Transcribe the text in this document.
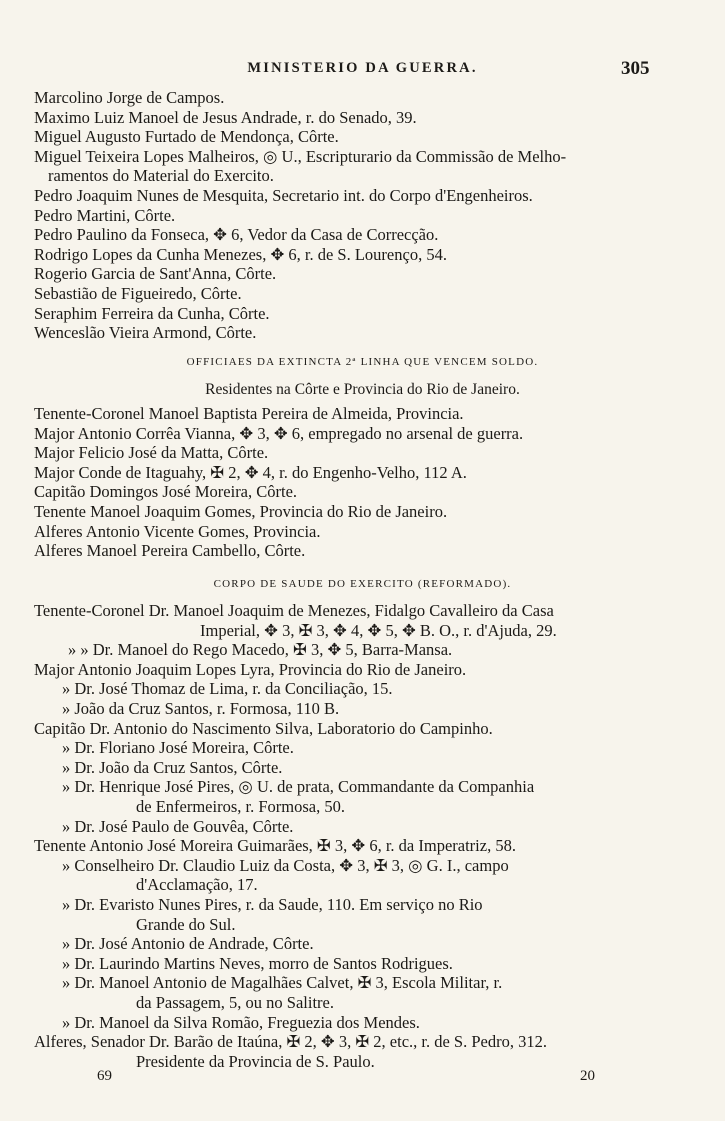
MINISTERIO DA GUERRA.	305
Marcolino Jorge de Campos.
Maximo Luiz Manoel de Jesus Andrade, r. do Senado, 39.
Miguel Augusto Furtado de Mendonça, Côrte.
Miguel Teixeira Lopes Malheiros, ◎ U., Escripturario da Commissão de Melho-
ramentos do Material do Exercito.
Pedro Joaquim Nunes de Mesquita, Secretario int. do Corpo d'Engenheiros.
Pedro Martini, Côrte.
Pedro Paulino da Fonseca, ✥ 6, Vedor da Casa de Correcção.
Rodrigo Lopes da Cunha Menezes, ✥ 6, r. de S. Lourenço, 54.
Rogerio Garcia de Sant'Anna, Côrte.
Sebastião de Figueiredo, Côrte.
Seraphim Ferreira da Cunha, Côrte.
Wenceslão Vieira Armond, Côrte.
OFFICIAES DA EXTINCTA 2ª LINHA QUE VENCEM SOLDO.
Residentes na Côrte e Provincia do Rio de Janeiro.
Tenente-Coronel Manoel Baptista Pereira de Almeida, Provincia.
Major Antonio Corrêa Vianna, ✥ 3, ✥ 6, empregado no arsenal de guerra.
Major Felicio José da Matta, Côrte.
Major Conde de Itaguahy, ✠ 2, ✥ 4, r. do Engenho-Velho, 112 A.
Capitão Domingos José Moreira, Côrte.
Tenente Manoel Joaquim Gomes, Provincia do Rio de Janeiro.
Alferes Antonio Vicente Gomes, Provincia.
Alferes Manoel Pereira Cambello, Côrte.
CORPO DE SAUDE DO EXERCITO (REFORMADO).
Tenente-Coronel Dr. Manoel Joaquim de Menezes, Fidalgo Cavalleiro da Casa
Imperial, ✥ 3, ✠ 3, ✥ 4, ✥ 5, ✥ B. O., r. d'Ajuda, 29.
» » Dr. Manoel do Rego Macedo, ✠ 3, ✥ 5, Barra-Mansa.
Major Antonio Joaquim Lopes Lyra, Provincia do Rio de Janeiro.
» Dr. José Thomaz de Lima, r. da Conciliação, 15.
» João da Cruz Santos, r. Formosa, 110 B.
Capitão Dr. Antonio do Nascimento Silva, Laboratorio do Campinho.
» Dr. Floriano José Moreira, Côrte.
» Dr. João da Cruz Santos, Côrte.
» Dr. Henrique José Pires, ◎ U. de prata, Commandante da Companhia
de Enfermeiros, r. Formosa, 50.
» Dr. José Paulo de Gouvêa, Côrte.
Tenente Antonio José Moreira Guimarães, ✠ 3, ✥ 6, r. da Imperatriz, 58.
» Conselheiro Dr. Claudio Luiz da Costa, ✥ 3, ✠ 3, ◎ G. I., campo
d'Acclamação, 17.
» Dr. Evaristo Nunes Pires, r. da Saude, 110. Em serviço no Rio
Grande do Sul.
» Dr. José Antonio de Andrade, Côrte.
» Dr. Laurindo Martins Neves, morro de Santos Rodrigues.
» Dr. Manoel Antonio de Magalhães Calvet, ✠ 3, Escola Militar, r.
da Passagem, 5, ou no Salitre.
» Dr. Manoel da Silva Romão, Freguezia dos Mendes.
Alferes, Senador Dr. Barão de Itaúna, ✠ 2, ✥ 3, ✠ 2, etc., r. de S. Pedro, 312.
Presidente da Provincia de S. Paulo.
69	20
